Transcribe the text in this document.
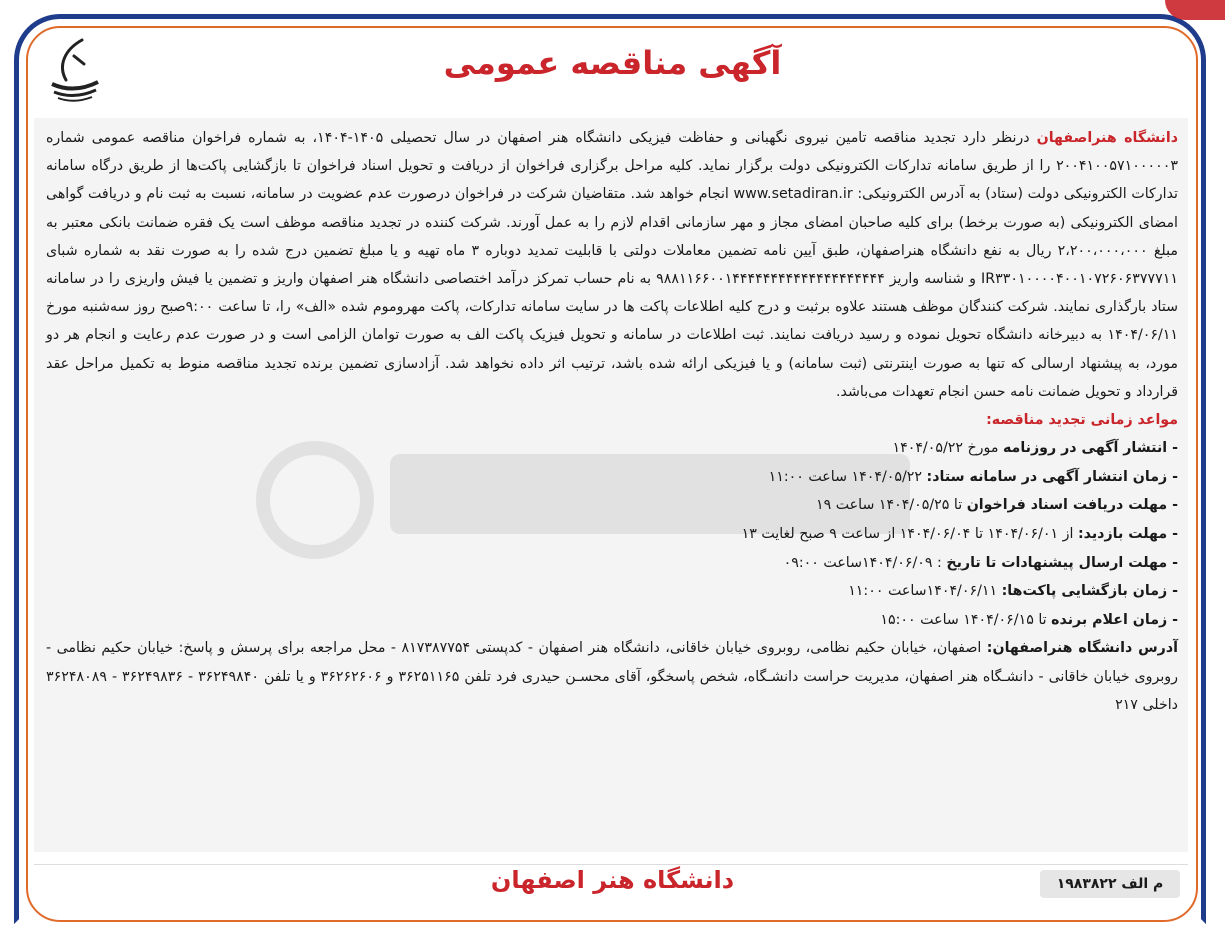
آگهی مناقصه عمومی

دانشگاه هنراصفهان درنظر دارد تجدید مناقصه تامین نیروی نگهبانی و حفاظت فیزیکی دانشگاه هنر اصفهان در سال تحصیلی ۱۴۰۵-۱۴۰۴، به شماره فراخوان مناقصه عمومی شماره ۲۰۰۴۱۰۰۵۷۱۰۰۰۰۰۳ را از طریق سامانه تدارکات الکترونیکی دولت برگزار نماید. کلیه مراحل برگزاری فراخوان از دریافت و تحویل اسناد فراخوان تا بازگشایی پاکت‌ها از طریق درگاه سامانه تدارکات الکترونیکی دولت (ستاد) به آدرس الکترونیکی: www.setadiran.ir انجام خواهد شد. متقاضیان شرکت در فراخوان درصورت عدم عضویت در سامانه، نسبت به ثبت نام و دریافت گواهی امضای الکترونیکی (به صورت برخط) برای کلیه صاحبان امضای مجاز و مهر سازمانی اقدام لازم را به عمل آورند. شرکت کننده در تجدید مناقصه موظف است یک فقره ضمانت بانکی معتبر به مبلغ ۲،۲۰۰،۰۰۰،۰۰۰ ریال به نفع دانشگاه هنراصفهان، طبق آیین نامه تضمین معاملات دولتی با قابلیت تمدید دوباره ۳ ماه تهیه و یا مبلغ تضمین درج شده را به صورت نقد به شماره شبای IR۳۳۰۱۰۰۰۰۴۰۰۱۰۷۲۶۰۶۳۷۷۷۱۱ و شناسه واریز ۹۸۸۱۱۶۶۰۰۱۴۴۴۴۴۴۴۴۴۴۴۴۴۴۴۴۴۴۴۴ به نام حساب تمرکز درآمد اختصاصی دانشگاه هنر اصفهان واریز و تضمین یا فیش واریزی را در سامانه ستاد بارگذاری نمایند. شرکت کنندگان موظف هستند علاوه برثبت و درج کلیه اطلاعات پاکت ها در سایت سامانه تدارکات، پاکت مهروموم شده «الف» را، تا ساعت ۹:۰۰صبح روز سه‌شنبه مورخ ۱۴۰۴/۰۶/۱۱ به دبیرخانه دانشگاه تحویل نموده و رسید دریافت نمایند. ثبت اطلاعات در سامانه و تحویل فیزیک پاکت الف به صورت توامان الزامی است و در صورت عدم رعایت و انجام هر دو مورد، به پیشنهاد ارسالی که تنها به صورت اینترنتی (ثبت سامانه) و یا فیزیکی ارائه شده باشد، ترتیب اثر داده نخواهد شد. آزادسازی تضمین برنده تجدید مناقصه منوط به تکمیل مراحل عقد قرارداد و تحویل ضمانت نامه حسن انجام تعهدات می‌باشد.

مواعد زمانی تجدید مناقصه:

- انتشار آگهی در روزنامه مورخ ۱۴۰۴/۰۵/۲۲
- زمان انتشار آگهی در سامانه ستاد: ۱۴۰۴/۰۵/۲۲ ساعت ۱۱:۰۰
- مهلت دریافت اسناد فراخوان تا ۱۴۰۴/۰۵/۲۵ ساعت ۱۹
- مهلت بازدید: از ۱۴۰۴/۰۶/۰۱ تا ۱۴۰۴/۰۶/۰۴ از ساعت ۹ صبح لغایت ۱۳
- مهلت ارسال پیشنهادات تا تاریخ : ۱۴۰۴/۰۶/۰۹ساعت ۰۹:۰۰
- زمان بازگشایی پاکت‌ها: ۱۴۰۴/۰۶/۱۱ساعت ۱۱:۰۰
- زمان اعلام برنده تا ۱۴۰۴/۰۶/۱۵ ساعت ۱۵:۰۰

آدرس دانشگاه هنراصفهان: اصفهان، خیابان حکیم نظامی، روبروی خیابان خاقانی، دانشگاه هنر اصفهان - کدپستی ۸۱۷۳۸۷۷۵۴ - محل مراجعه برای پرسش و پاسخ: خیابان حکیم نظامی - روبروی خیابان خاقانی - دانشـگاه هنر اصفهان، مدیریت حراست دانشـگاه، شخص پاسخگو، آقای محسـن حیدری فرد تلفن ۳۶۲۵۱۱۶۵ و ۳۶۲۶۲۶۰۶ و یا تلفن ۳۶۲۴۹۸۴۰ - ۳۶۲۴۹۸۳۶ - ۳۶۲۴۸۰۸۹ داخلی ۲۱۷

دانشگاه هنر اصفهان	م الف ۱۹۸۳۸۲۲
